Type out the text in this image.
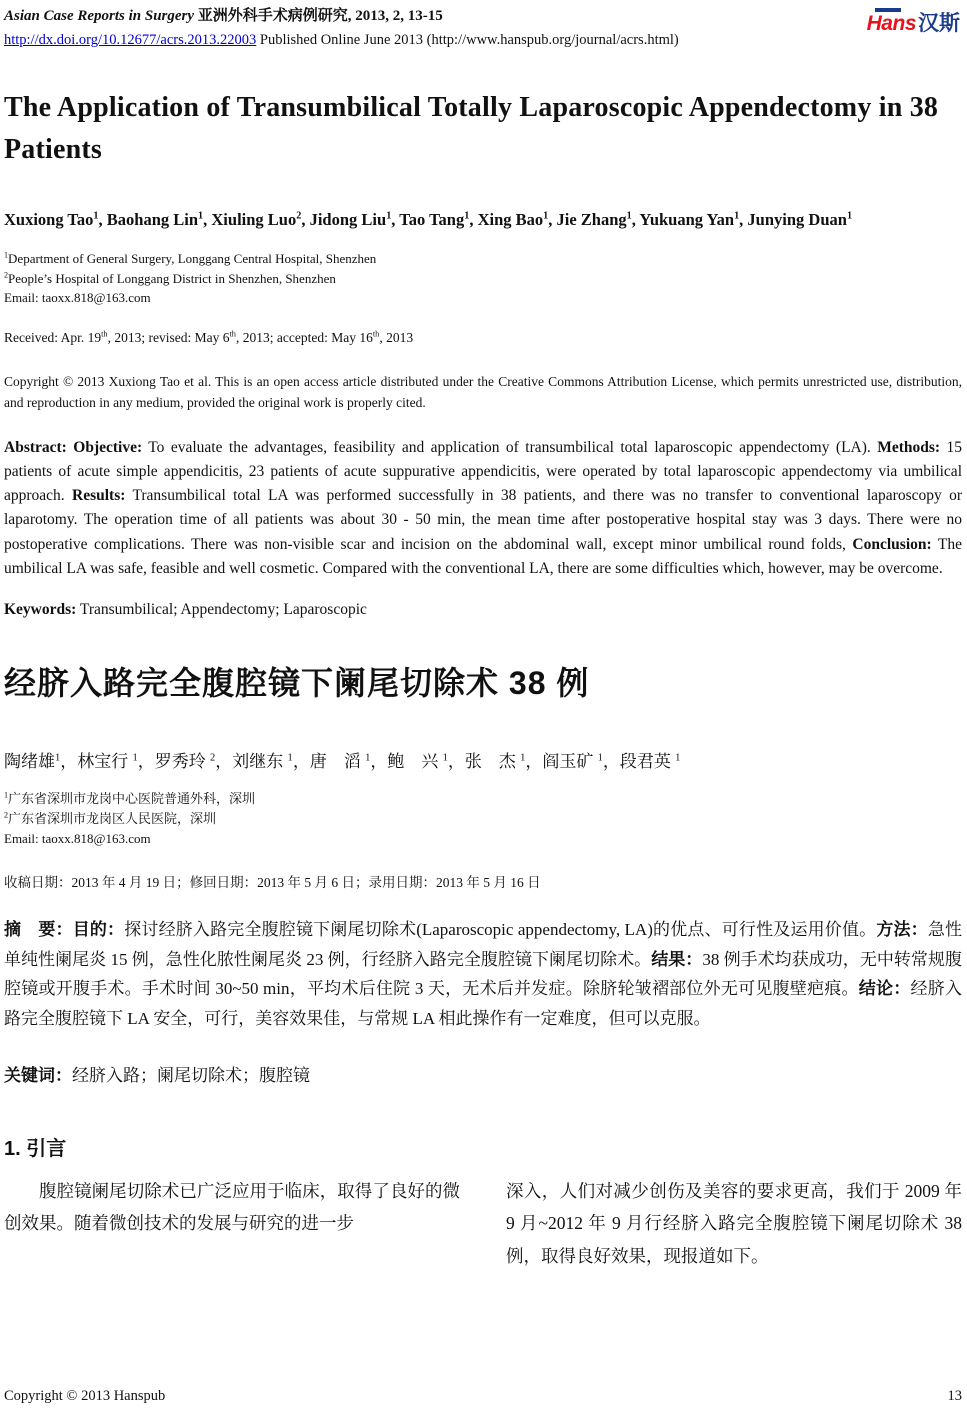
Asian Case Reports in Surgery 亚洲外科手术病例研究, 2013, 2, 13-15
http://dx.doi.org/10.12677/acrs.2013.22003 Published Online June 2013 (http://www.hanspub.org/journal/acrs.html)
Hans汉斯
The Application of Transumbilical Totally Laparoscopic Appendectomy in 38 Patients
Xuxiong Tao$^1$, Baohang Lin$^1$, Xiuling Luo$^2$, Jidong Liu$^1$, Tao Tang$^1$, Xing Bao$^1$, Jie Zhang$^1$, Yukuang Yan$^1$, Junying Duan$^1$
$^1$Department of General Surgery, Longgang Central Hospital, Shenzhen
$^2$People’s Hospital of Longgang District in Shenzhen, Shenzhen
Email: taoxx.818@163.com
Received: Apr. 19th, 2013; revised: May 6th, 2013; accepted: May 16th, 2013
Copyright © 2013 Xuxiong Tao et al. This is an open access article distributed under the Creative Commons Attribution License, which permits unrestricted use, distribution, and reproduction in any medium, provided the original work is properly cited.
Abstract: Objective: To evaluate the advantages, feasibility and application of transumbilical total laparoscopic appendectomy (LA). Methods: 15 patients of acute simple appendicitis, 23 patients of acute suppurative appendicitis, were operated by total laparoscopic appendectomy via umbilical approach. Results: Transumbilical total LA was performed successfully in 38 patients, and there was no transfer to conventional laparoscopy or laparotomy. The operation time of all patients was about 30 - 50 min, the mean time after postoperative hospital stay was 3 days. There were no postoperative complications. There was non-visible scar and incision on the abdominal wall, except minor umbilical round folds, Conclusion: The umbilical LA was safe, feasible and well cosmetic. Compared with the conventional LA, there are some difficulties which, however, may be overcome.
Keywords: Transumbilical; Appendectomy; Laparoscopic
经脐入路完全腹腔镜下阑尾切除术 38 例
陶绪雄$^1$，林宝行 $^1$，罗秀玲 $^2$，刘继东 $^1$，唐　滔 $^1$，鲍　兴 $^1$，张　杰 $^1$，阎玉矿 $^1$，段君英 $^1$
$^1$广东省深圳市龙岗中心医院普通外科，深圳
$^2$广东省深圳市龙岗区人民医院，深圳
Email: taoxx.818@163.com
收稿日期：2013 年 4 月 19 日；修回日期：2013 年 5 月 6 日；录用日期：2013 年 5 月 16 日
摘　要：目的：探讨经脐入路完全腹腔镜下阑尾切除术(Laparoscopic appendectomy, LA)的优点、可行性及运用价值。方法：急性单纯性阑尾炎 15 例，急性化脓性阑尾炎 23 例，行经脐入路完全腹腔镜下阑尾切除术。结果：38 例手术均获成功，无中转常规腹腔镜或开腹手术。手术时间 30~50 min，平均术后住院 3 天，无术后并发症。除脐轮皱褶部位外无可见腹壁疤痕。结论：经脐入路完全腹腔镜下 LA 安全，可行，美容效果佳，与常规 LA 相此操作有一定难度，但可以克服。
关键词：经脐入路；阑尾切除术；腹腔镜
1. 引言

腹腔镜阑尾切除术已广泛应用于临床，取得了良好的微创效果。随着微创技术的发展与研究的进一步

深入，人们对减少创伤及美容的要求更高，我们于 2009 年 9 月~2012 年 9 月行经脐入路完全腹腔镜下阑尾切除术 38 例，取得良好效果，现报道如下。

Copyright © 2013 Hanspub	13
